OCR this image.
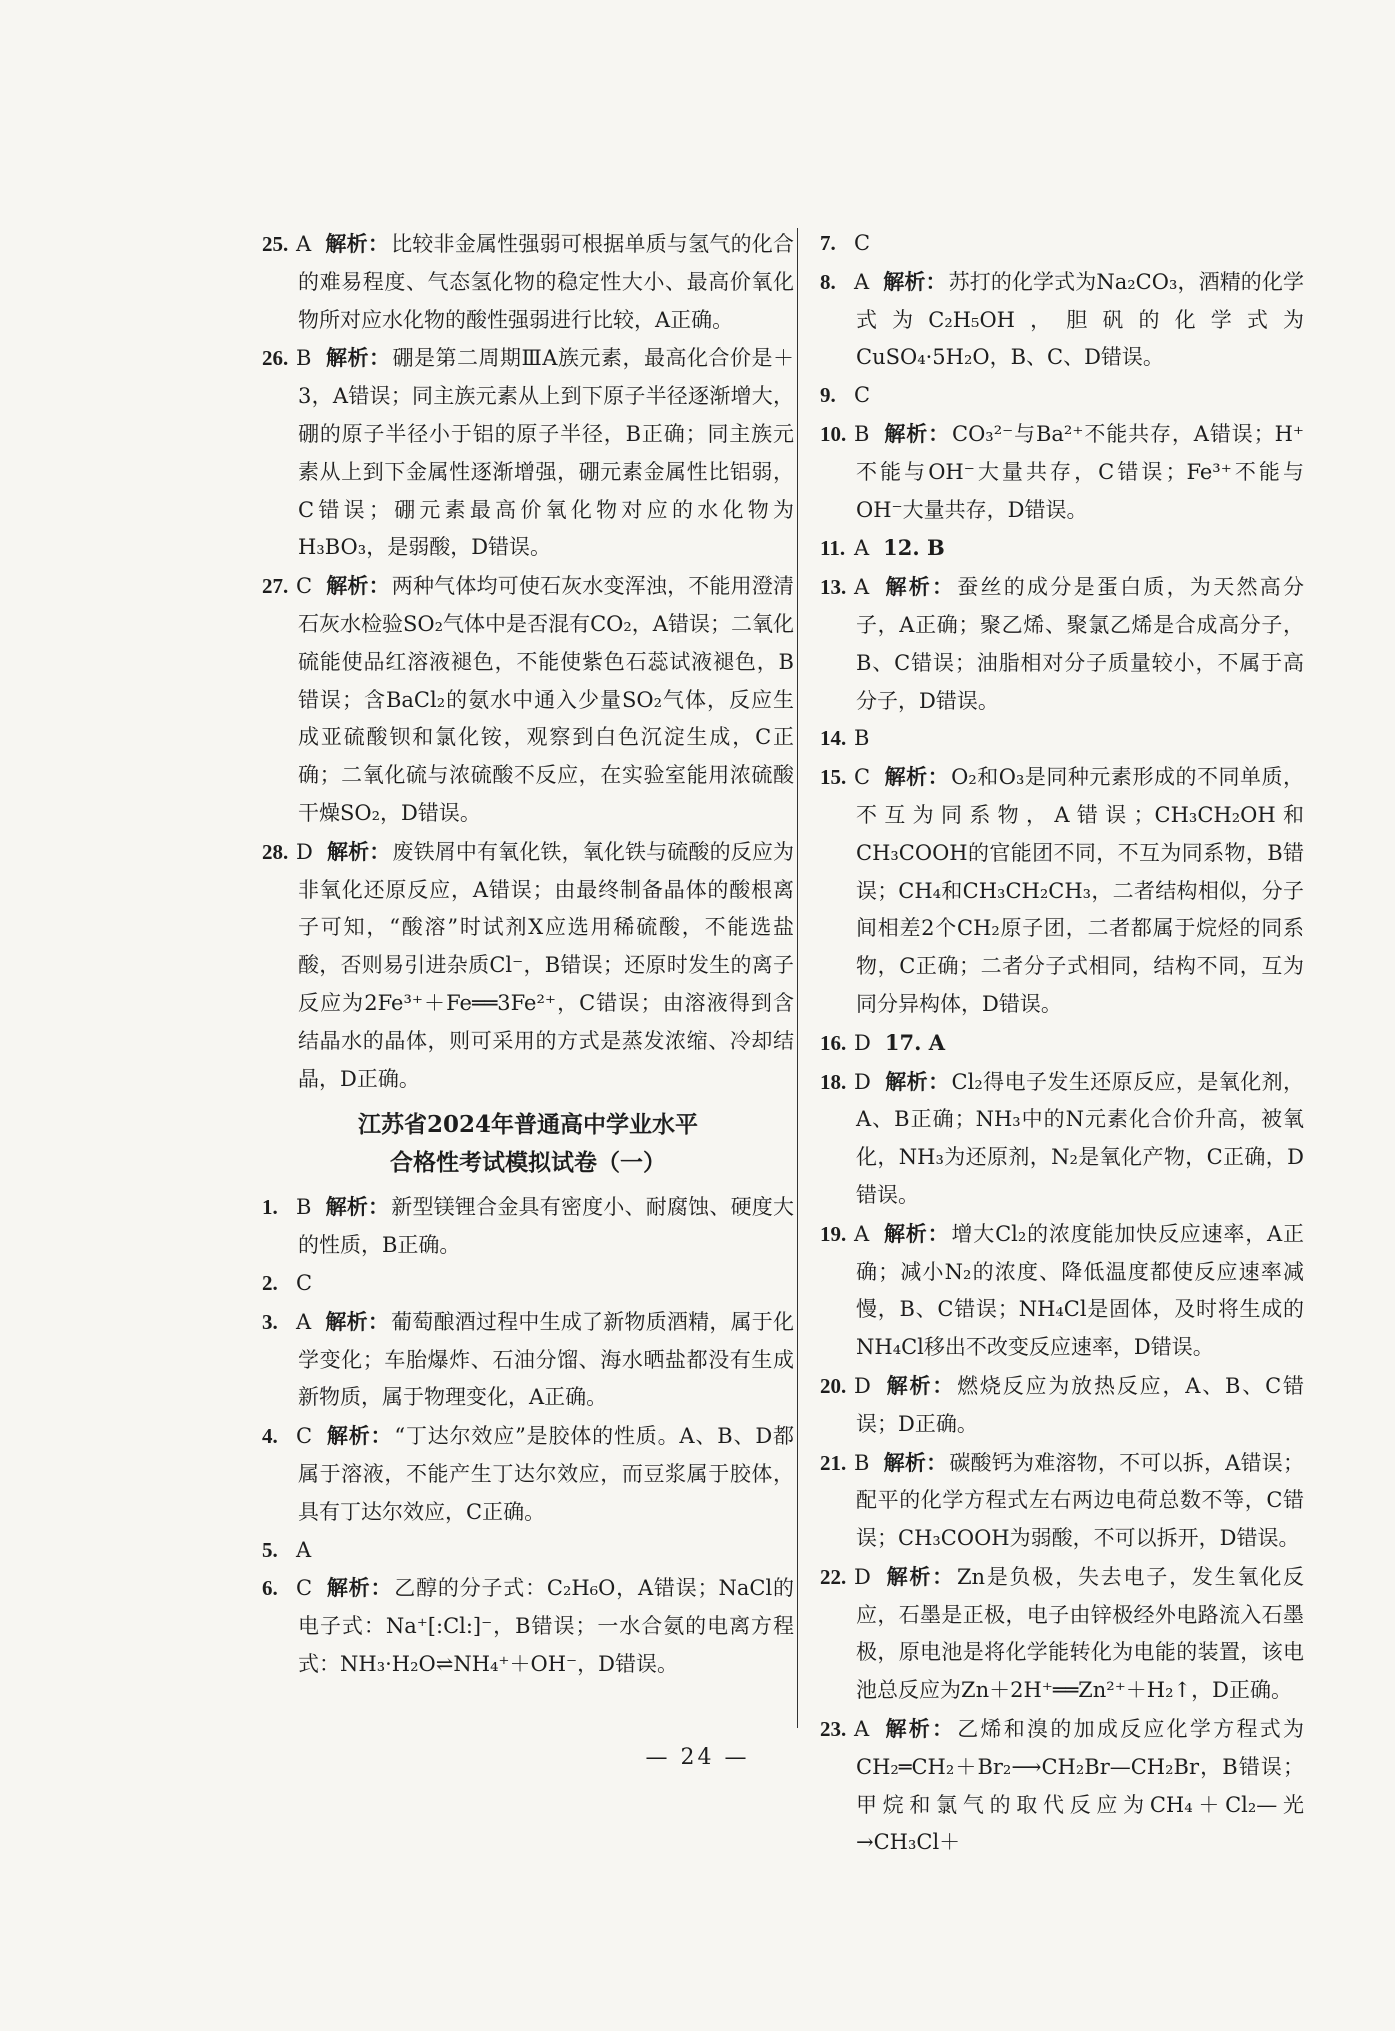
25. A 解析：比较非金属性强弱可根据单质与氢气的化合的难易程度、气态氢化物的稳定性大小、最高价氧化物所对应水化物的酸性强弱进行比较，A正确。

26. B 解析：硼是第二周期ⅢA族元素，最高化合价是＋3，A错误；同主族元素从上到下原子半径逐渐增大，硼的原子半径小于铝的原子半径，B正确；同主族元素从上到下金属性逐渐增强，硼元素金属性比铝弱，C错误；硼元素最高价氧化物对应的水化物为H₃BO₃，是弱酸，D错误。

27. C 解析：两种气体均可使石灰水变浑浊，不能用澄清石灰水检验SO₂气体中是否混有CO₂，A错误；二氧化硫能使品红溶液褪色，不能使紫色石蕊试液褪色，B错误；含BaCl₂的氨水中通入少量SO₂气体，反应生成亚硫酸钡和氯化铵，观察到白色沉淀生成，C正确；二氧化硫与浓硫酸不反应，在实验室能用浓硫酸干燥SO₂，D错误。

28. D 解析：废铁屑中有氧化铁，氧化铁与硫酸的反应为非氧化还原反应，A错误；由最终制备晶体的酸根离子可知，“酸溶”时试剂X应选用稀硫酸，不能选盐酸，否则易引进杂质Cl⁻，B错误；还原时发生的离子反应为2Fe³⁺＋Fe══3Fe²⁺，C错误；由溶液得到含结晶水的晶体，则可采用的方式是蒸发浓缩、冷却结晶，D正确。

江苏省2024年普通高中学业水平
合格性考试模拟试卷（一）

1. B 解析：新型镁锂合金具有密度小、耐腐蚀、硬度大的性质，B正确。

2. C

3. A 解析：葡萄酿酒过程中生成了新物质酒精，属于化学变化；车胎爆炸、石油分馏、海水晒盐都没有生成新物质，属于物理变化，A正确。

4. C 解析：“丁达尔效应”是胶体的性质。A、B、D都属于溶液，不能产生丁达尔效应，而豆浆属于胶体，具有丁达尔效应，C正确。

5. A

6. C 解析：乙醇的分子式：C₂H₆O，A错误；NaCl的电子式：Na⁺[:Cl:]⁻，B错误；一水合氨的电离方程式：NH₃·H₂O⇌NH₄⁺＋OH⁻，D错误。

7. C

8. A 解析：苏打的化学式为Na₂CO₃，酒精的化学式为C₂H₅OH，胆矾的化学式为CuSO₄·5H₂O，B、C、D错误。

9. C

10. B 解析：CO₃²⁻与Ba²⁺不能共存，A错误；H⁺不能与OH⁻大量共存，C错误；Fe³⁺不能与OH⁻大量共存，D错误。

11. A 12. B

13. A 解析：蚕丝的成分是蛋白质，为天然高分子，A正确；聚乙烯、聚氯乙烯是合成高分子，B、C错误；油脂相对分子质量较小，不属于高分子，D错误。

14. B

15. C 解析：O₂和O₃是同种元素形成的不同单质，不互为同系物，A错误；CH₃CH₂OH和CH₃COOH的官能团不同，不互为同系物，B错误；CH₄和CH₃CH₂CH₃，二者结构相似，分子间相差2个CH₂原子团，二者都属于烷烃的同系物，C正确；二者分子式相同，结构不同，互为同分异构体，D错误。

16. D 17. A

18. D 解析：Cl₂得电子发生还原反应，是氧化剂，A、B正确；NH₃中的N元素化合价升高，被氧化，NH₃为还原剂，N₂是氧化产物，C正确，D错误。

19. A 解析：增大Cl₂的浓度能加快反应速率，A正确；减小N₂的浓度、降低温度都使反应速率减慢，B、C错误；NH₄Cl是固体，及时将生成的NH₄Cl移出不改变反应速率，D错误。

20. D 解析：燃烧反应为放热反应，A、B、C错误；D正确。

21. B 解析：碳酸钙为难溶物，不可以拆，A错误；配平的化学方程式左右两边电荷总数不等，C错误；CH₃COOH为弱酸，不可以拆开，D错误。

22. D 解析：Zn是负极，失去电子，发生氧化反应，石墨是正极，电子由锌极经外电路流入石墨极，原电池是将化学能转化为电能的装置，该电池总反应为Zn＋2H⁺══Zn²⁺＋H₂↑，D正确。

23. A 解析：乙烯和溴的加成反应化学方程式为CH₂═CH₂＋Br₂⟶CH₂Br—CH₂Br，B错误；甲烷和氯气的取代反应为CH₄＋Cl₂—光→CH₃Cl＋

— 24 —
